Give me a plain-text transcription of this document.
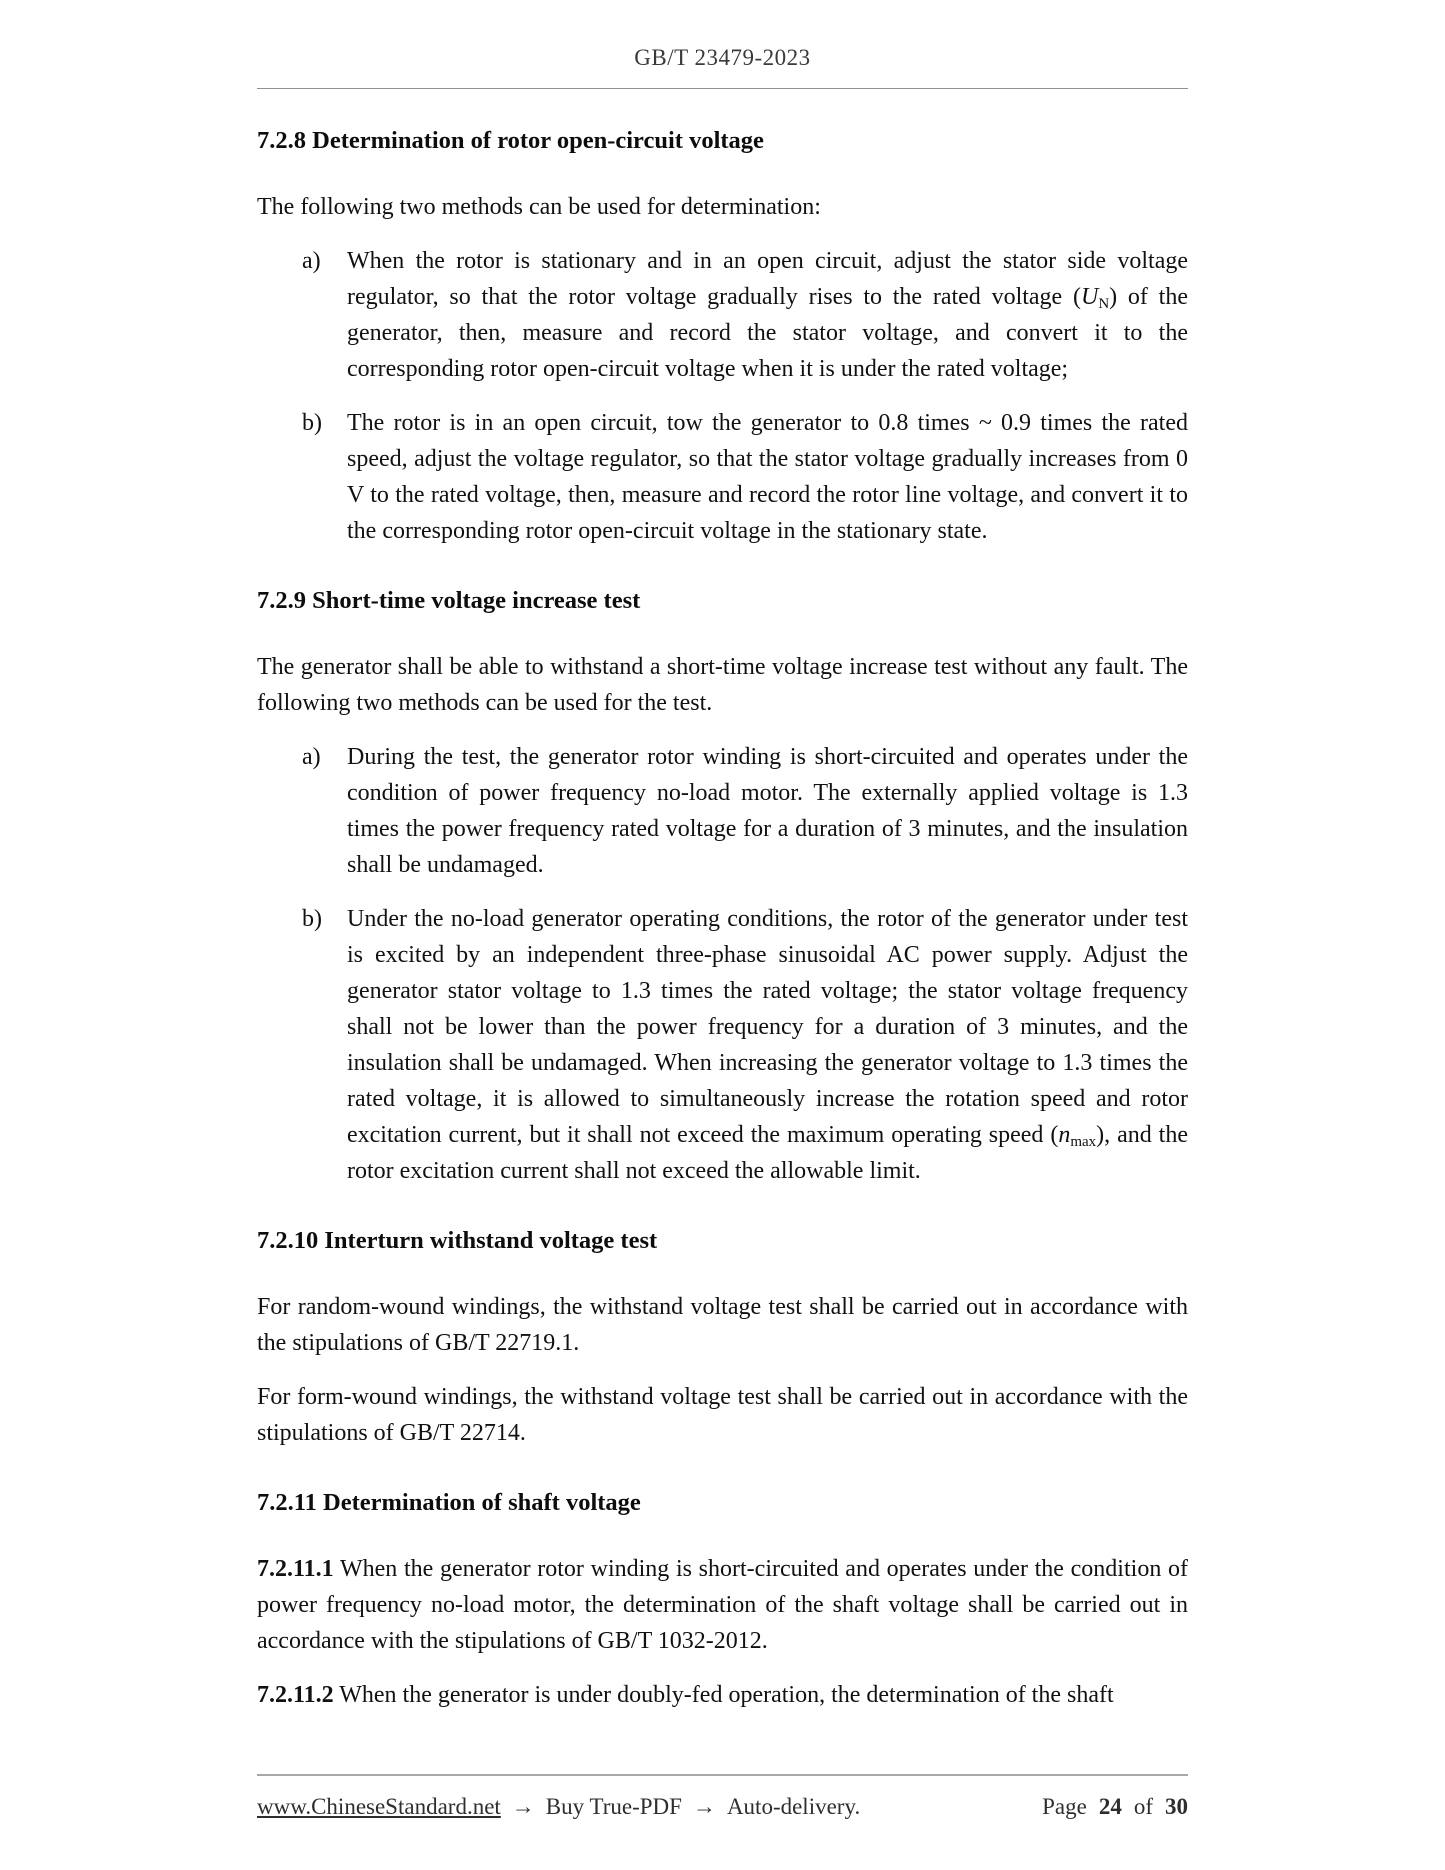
GB/T 23479-2023
7.2.8 Determination of rotor open-circuit voltage

The following two methods can be used for determination:

a)	When the rotor is stationary and in an open circuit, adjust the stator side voltage regulator, so that the rotor voltage gradually rises to the rated voltage $(U_N)$ of the generator, then, measure and record the stator voltage, and convert it to the corresponding rotor open-circuit voltage when it is under the rated voltage;

b)	The rotor is in an open circuit, tow the generator to 0.8 times ~ 0.9 times the rated speed, adjust the voltage regulator, so that the stator voltage gradually increases from 0 V to the rated voltage, then, measure and record the rotor line voltage, and convert it to the corresponding rotor open-circuit voltage in the stationary state.

7.2.9 Short-time voltage increase test

The generator shall be able to withstand a short-time voltage increase test without any fault. The following two methods can be used for the test.

a)	During the test, the generator rotor winding is short-circuited and operates under the condition of power frequency no-load motor. The externally applied voltage is 1.3 times the power frequency rated voltage for a duration of 3 minutes, and the insulation shall be undamaged.

b)	Under the no-load generator operating conditions, the rotor of the generator under test is excited by an independent three-phase sinusoidal AC power supply. Adjust the generator stator voltage to 1.3 times the rated voltage; the stator voltage frequency shall not be lower than the power frequency for a duration of 3 minutes, and the insulation shall be undamaged. When increasing the generator voltage to 1.3 times the rated voltage, it is allowed to simultaneously increase the rotation speed and rotor excitation current, but it shall not exceed the maximum operating speed $(n_{max})$, and the rotor excitation current shall not exceed the allowable limit.

7.2.10 Interturn withstand voltage test

For random-wound windings, the withstand voltage test shall be carried out in accordance with the stipulations of GB/T 22719.1.

For form-wound windings, the withstand voltage test shall be carried out in accordance with the stipulations of GB/T 22714.

7.2.11 Determination of shaft voltage

7.2.11.1 When the generator rotor winding is short-circuited and operates under the condition of power frequency no-load motor, the determination of the shaft voltage shall be carried out in accordance with the stipulations of GB/T 1032-2012.

7.2.11.2 When the generator is under doubly-fed operation, the determination of the shaft

www.ChineseStandard.net → Buy True-PDF → Auto-delivery.	Page 24 of 30
